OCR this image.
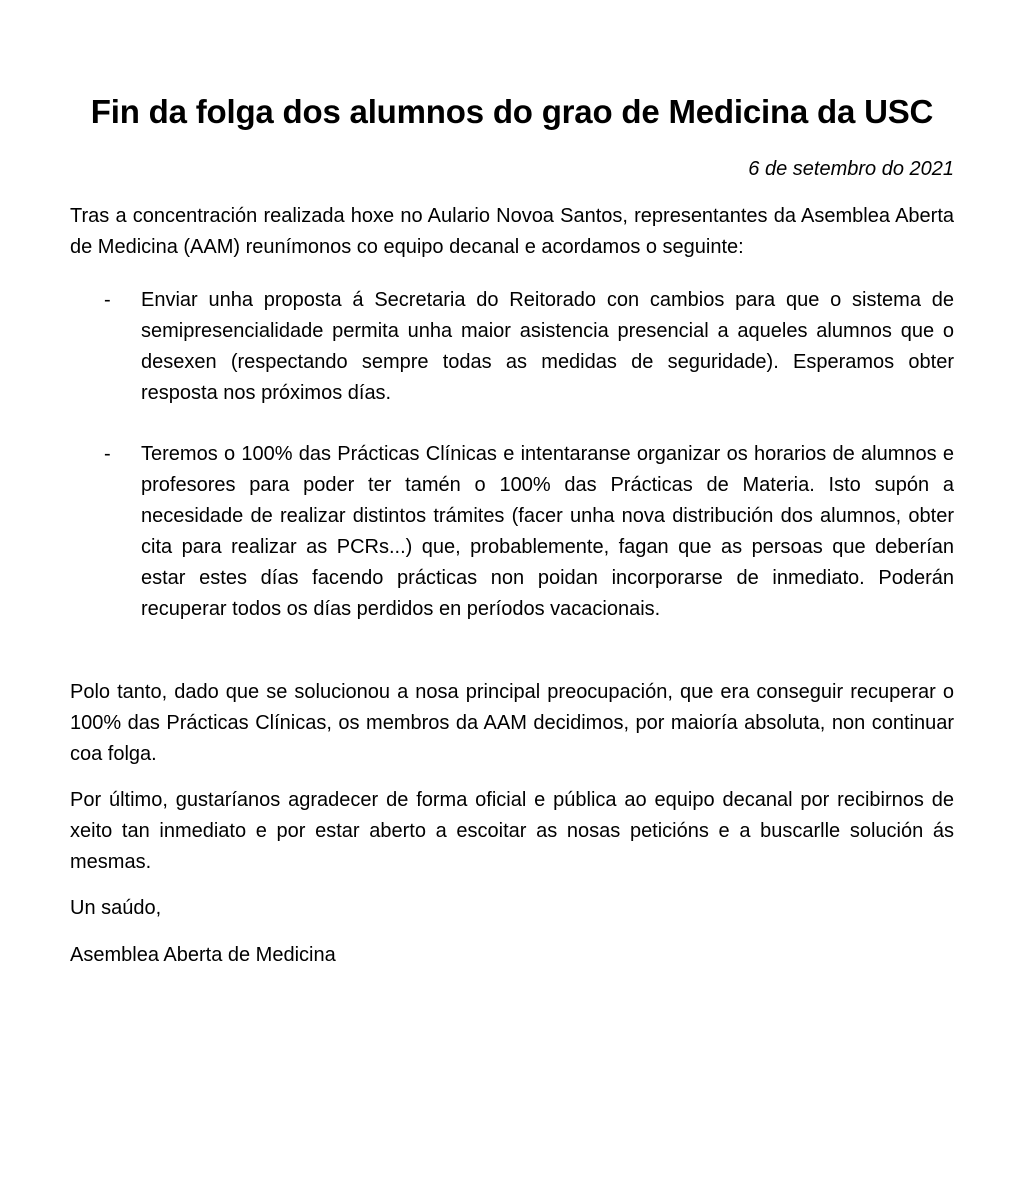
Fin da folga dos alumnos do grao de Medicina da USC
6 de setembro do 2021

Tras a concentración realizada hoxe no Aulario Novoa Santos, representantes da Asemblea Aberta de Medicina (AAM) reunímonos co equipo decanal e acordamos o seguinte:

- Enviar unha proposta á Secretaria do Reitorado con cambios para que o sistema de semipresencialidade permita unha maior asistencia presencial a aqueles alumnos que o desexen (respectando sempre todas as medidas de seguridade). Esperamos obter resposta nos próximos días.
- Teremos o 100% das Prácticas Clínicas e intentaranse organizar os horarios de alumnos e profesores para poder ter tamén o 100% das Prácticas de Materia. Isto supón a necesidade de realizar distintos trámites (facer unha nova distribución dos alumnos, obter cita para realizar as PCRs...) que, probablemente, fagan que as persoas que deberían estar estes días facendo prácticas non poidan incorporarse de inmediato. Poderán recuperar todos os días perdidos en períodos vacacionais.

Polo tanto, dado que se solucionou a nosa principal preocupación, que era conseguir recuperar o 100% das Prácticas Clínicas, os membros da AAM decidimos, por maioría absoluta, non continuar coa folga.

Por último, gustaríanos agradecer de forma oficial e pública ao equipo decanal por recibirnos de xeito tan inmediato e por estar aberto a escoitar as nosas peticións e a buscarlle solución ás mesmas.

Un saúdo,

Asemblea Aberta de Medicina
